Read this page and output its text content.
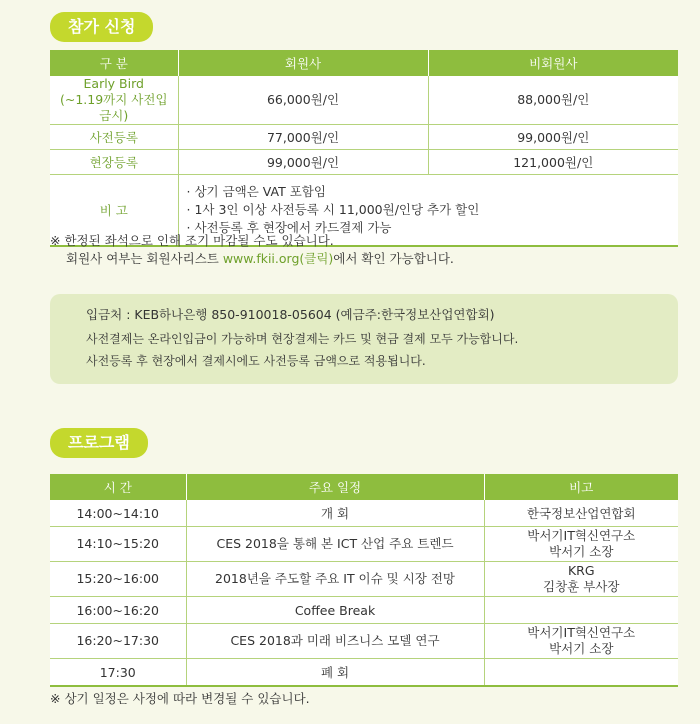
참가 신청
구 분	회원사	비회원사

Early Bird
(~1.19까지 사전입금시)	66,000원/인	88,000원/인
사전등록	77,000원/인	99,000원/인
현장등록	99,000원/인	121,000원/인
비 고	· 상기 금액은 VAT 포함임
· 1사 3인 이상 사전등록 시 11,000원/인당 추가 할인
· 사전등록 후 현장에서 카드결제 가능	
※ 한정된 좌석으로 인해 조기 마감될 수도 있습니다.
회원사 여부는 회원사리스트 www.fkii.org(클릭)에서 확인 가능합니다.
입금처 : KEB하나은행 850-910018-05604 (예금주:한국정보산업연합회)
사전결제는 온라인입금이 가능하며 현장결제는 카드 및 현금 결제 모두 가능합니다.
사전등록 후 현장에서 결제시에도 사전등록 금액으로 적용됩니다.
프로그램
시 간	주요 일정	비고
14:00~14:10	개 회	한국정보산업연합회

14:10~15:20	CES 2018을 통해 본 ICT 산업 주요 트렌드	박서기IT혁신연구소
박서기 소장

15:20~16:00	2018년을 주도할 주요 IT 이슈 및 시장 전망	KRG
김창훈 부사장

16:00~16:20	Coffee Break	
16:20~17:30	CES 2018과 미래 비즈니스 모델 연구	박서기IT혁신연구소
박서기 소장

17:30	폐 회	
※ 상기 일정은 사정에 따라 변경될 수 있습니다.
